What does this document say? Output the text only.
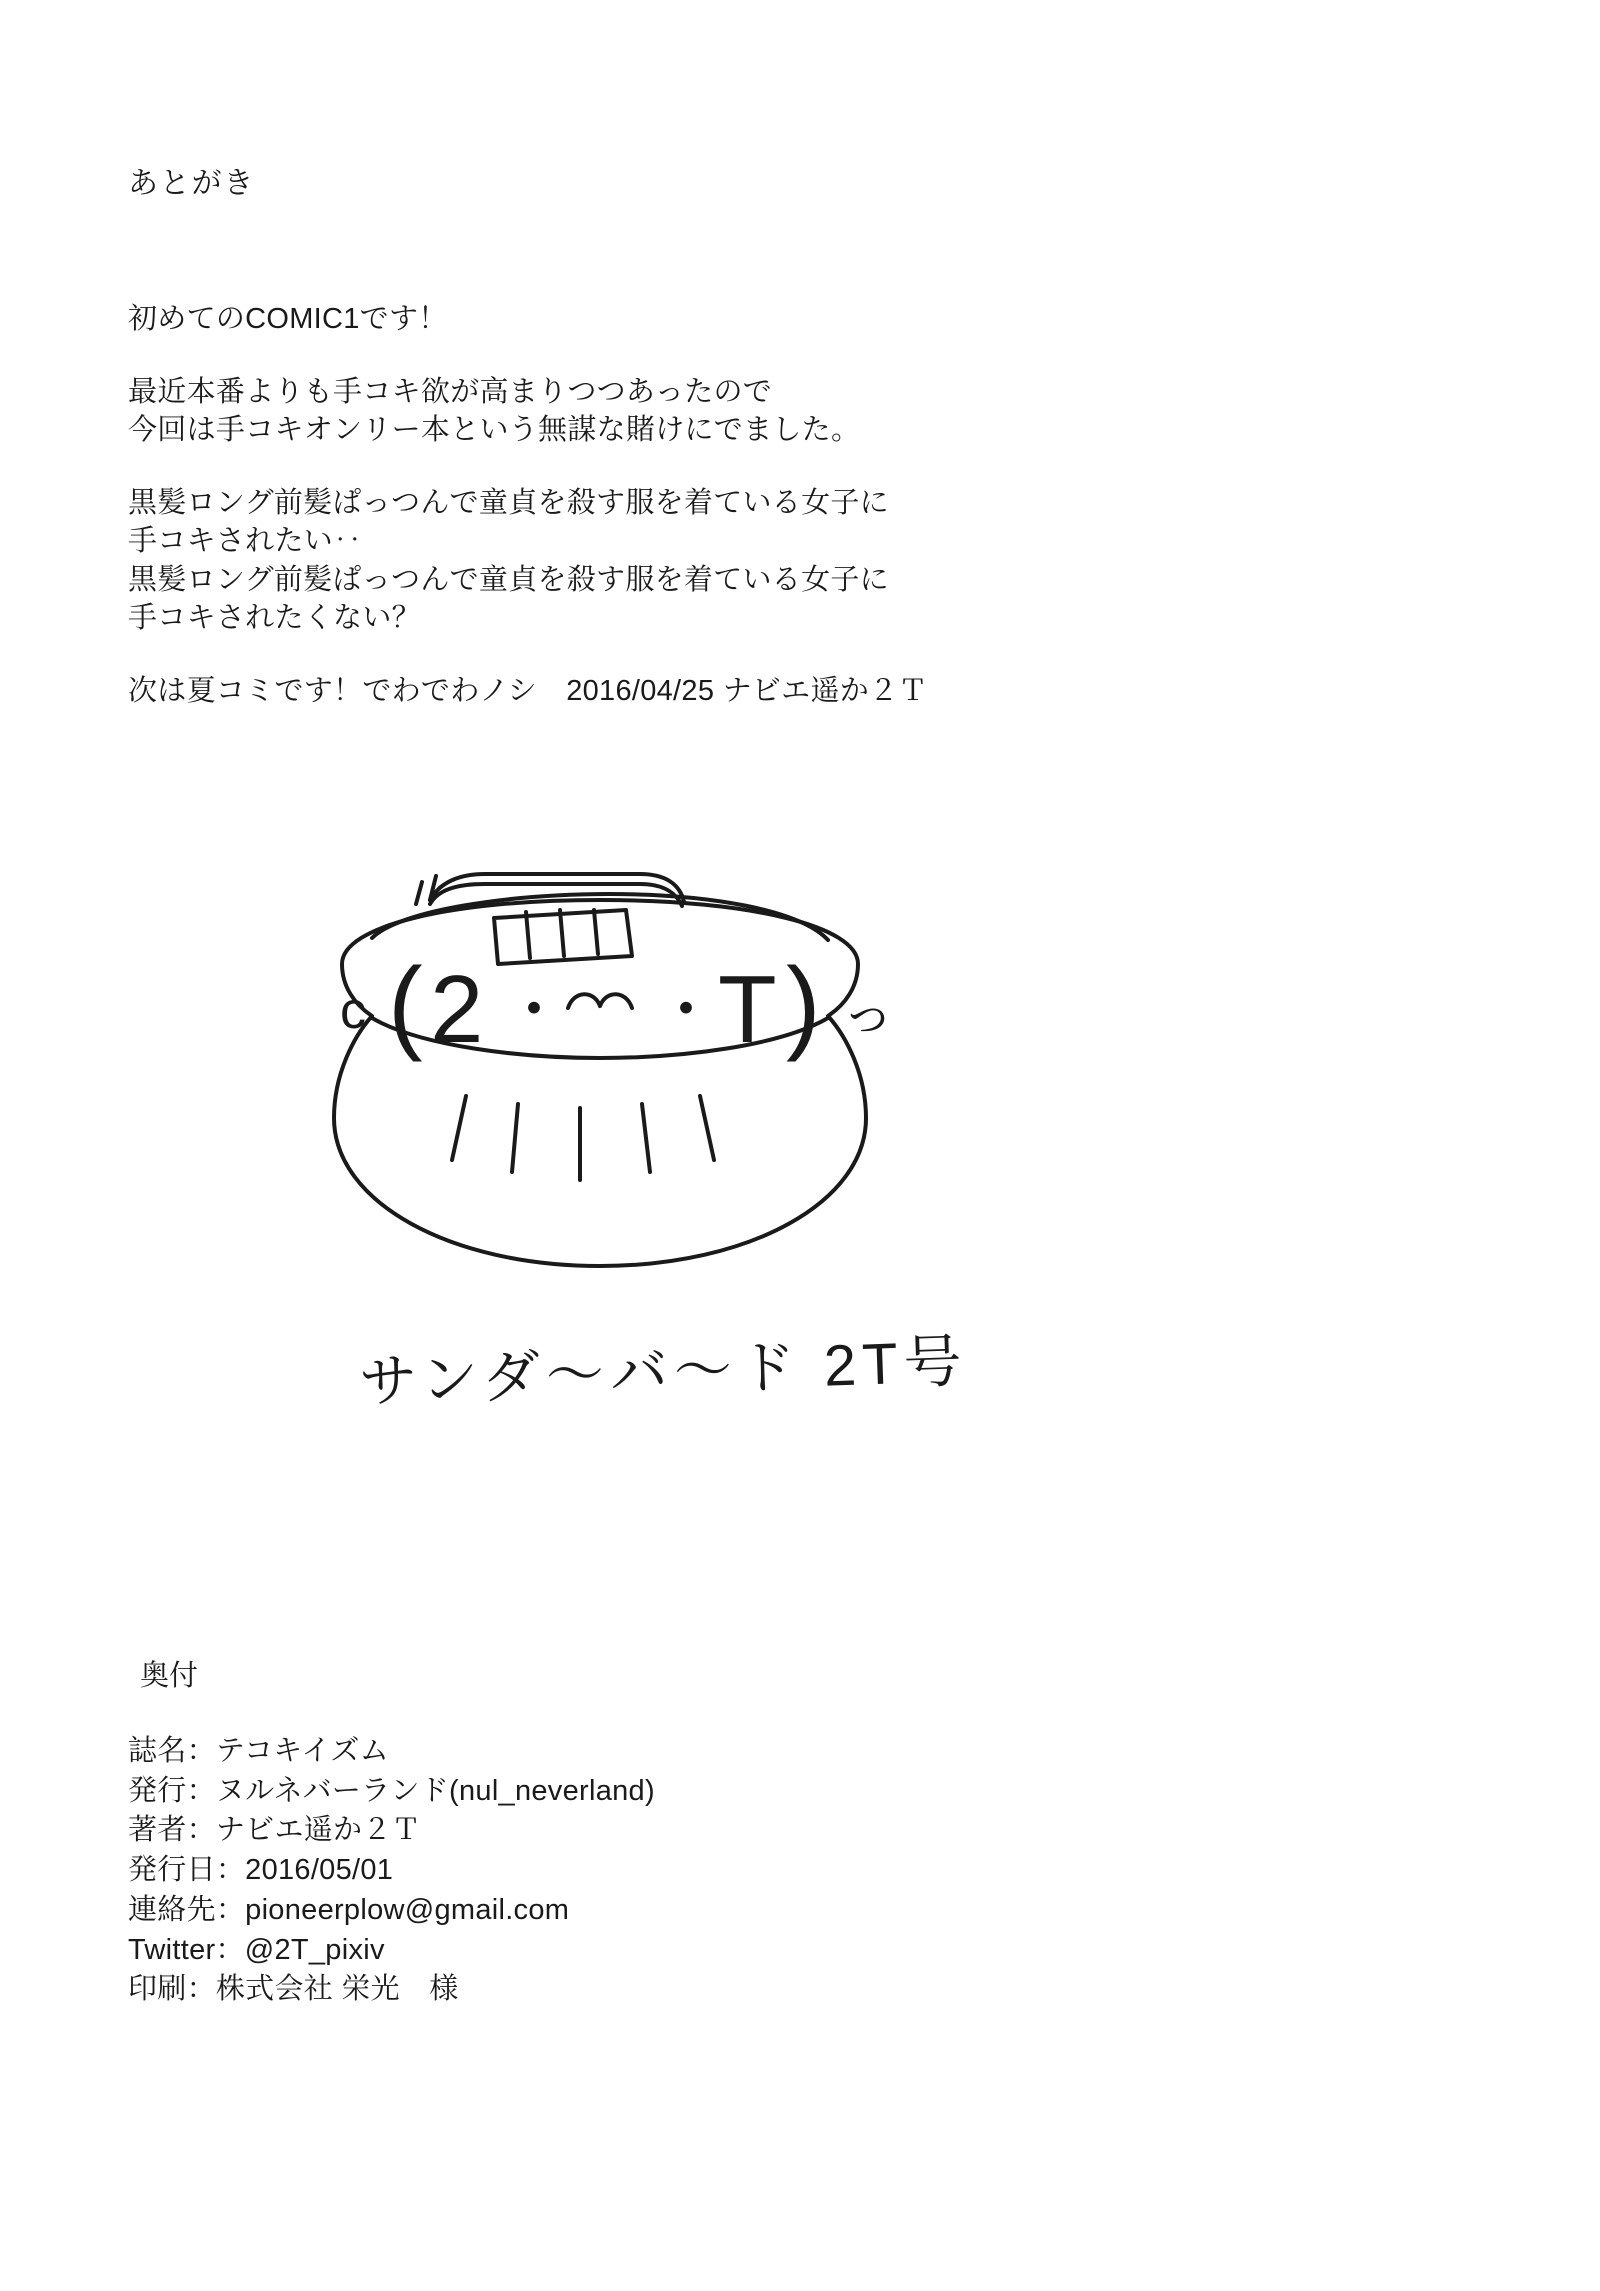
あとがき
初めてのCOMIC1です！
最近本番よりも手コキ欲が高まりつつあったので
今回は手コキオンリー本という無謀な賭けにでました。
黒髪ロング前髪ぱっつんで童貞を殺す服を着ている女子に
手コキされたい‥
黒髪ロング前髪ぱっつんで童貞を殺す服を着ている女子に
手コキされたくない？
次は夏コミです！でわでわノシ　2016/04/25 ナビエ遥か２Ｔ
( 2 ・ ・ T )
c	っ
サンダ〜バ〜ド 2T号
奥付
誌名：テコキイズム
発行：ヌルネバーランド(nul_neverland)
著者：ナビエ遥か２Ｔ
発行日：2016/05/01
連絡先：pioneerplow@gmail.com
Twitter：@2T_pixiv
印刷：株式会社 栄光　様
